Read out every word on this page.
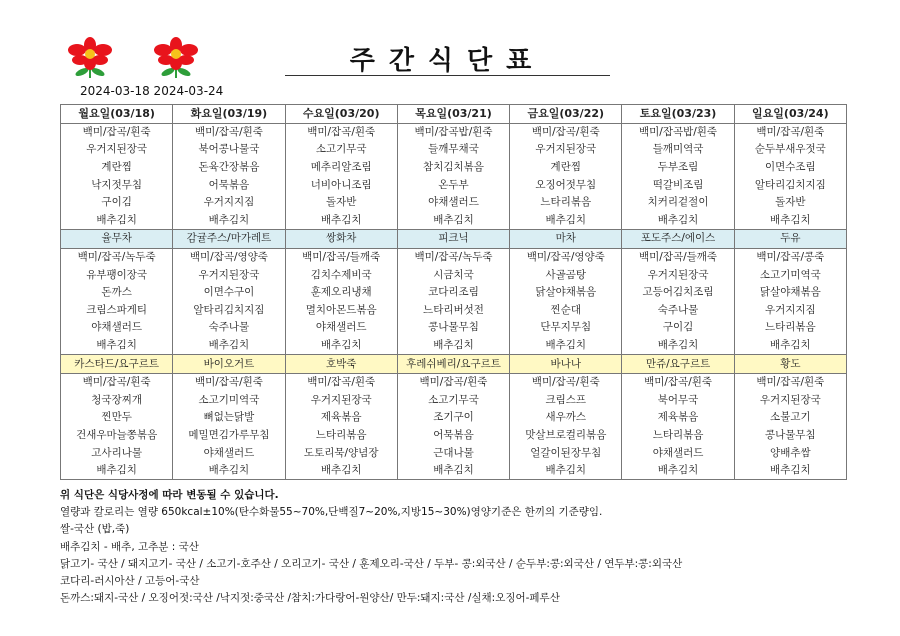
주간식단표
2024-03-18 2024-03-24
월요일(03/18)	화요일(03/19)	수요일(03/20)	목요일(03/21)	금요일(03/22)	토요일(03/23)	일요일(03/24)
백미/잡곡/흰죽	백미/잡곡/흰죽	백미/잡곡/흰죽	백미/잡곡밥/흰죽	백미/잡곡/흰죽	백미/잡곡밥/흰죽	백미/잡곡/흰죽
우거지된장국	북어콩나물국	소고기무국	들깨무채국	우거지된장국	들깨미역국	순두부새우젓국
계란찜	돈육간장볶음	메추리알조림	참치김치볶음	계란찜	두부조림	이면수조림
낙지젓무침	어묵볶음	너비아니조림	온두부	오징어젓무침	떡갈비조림	알타리김치지짐
구이김	우거지지짐	돌자반	야채샐러드	느타리볶음	치커리겉절이	돌자반
배추김치	배추김치	배추김치	배추김치	배추김치	배추김치	배추김치
율무차	감귤주스/마가레트	쌍화차	피크닉	마차	포도주스/에이스	두유
백미/잡곡/녹두죽	백미/잡곡/영양죽	백미/잡곡/들깨죽	백미/잡곡/녹두죽	백미/잡곡/영양죽	백미/잡곡/들깨죽	백미/잡곡/콩죽
유부팽이장국	우거지된장국	김치수제비국	시금치국	사골곰탕	우거지된장국	소고기미역국
돈까스	이면수구이	훈제오리냉채	코다리조림	닭살야채볶음	고등어김치조림	닭살야채볶음
크림스파게티	알타리김치지짐	멸치아몬드볶음	느타리버섯전	찐순대	숙주나물	우거지지짐
야채샐러드	숙주나물	야채샐러드	콩나물무침	단무지무침	구이김	느타리볶음
배추김치	배추김치	배추김치	배추김치	배추김치	배추김치	배추김치
카스타드/요구르트	바이오거트	호박죽	후레쉬베리/요구르트	바나나	만쥬/요구르트	황도
백미/잡곡/흰죽	백미/잡곡/흰죽	백미/잡곡/흰죽	백미/잡곡/흰죽	백미/잡곡/흰죽	백미/잡곡/흰죽	백미/잡곡/흰죽
청국장찌개	소고기미역국	우거지된장국	소고기무국	크림스프	북어무국	우거지된장국
찐만두	뼈없는닭발	제육볶음	조기구이	새우까스	제육볶음	소불고기
건새우마늘쫑볶음	메밀면김가루무침	느타리볶음	어묵볶음	맛살브로컬리볶음	느타리볶음	콩나물무침
고사리나물	야채샐러드	도토리묵/양념장	근대나물	얼갈이된장무침	야채샐러드	양배추쌈
배추김치	배추김치	배추김치	배추김치	배추김치	배추김치	배추김치
위 식단은 식당사정에 따라 변동될 수 있습니다.
열량과 칼로리는 열량 650kcal±10%(탄수화물55~70%,단백질7~20%,지방15~30%)영양기준은 한끼의 기준량임.
쌀-국산 (밥,죽)
배추김치 - 배추, 고추분 : 국산
닭고기- 국산 / 돼지고기- 국산 / 소고기-호주산 / 오리고기- 국산 / 훈제오리-국산 / 두부- 콩:외국산 / 순두부:콩:외국산 / 연두부:콩:외국산
코다리-러시아산 / 고등어-국산
돈까스:돼지-국산 / 오징어젓:국산 /낙지젓:중국산 /참치:가다랑어-원양산/ 만두:돼지:국산 /실채:오징어-페루산
